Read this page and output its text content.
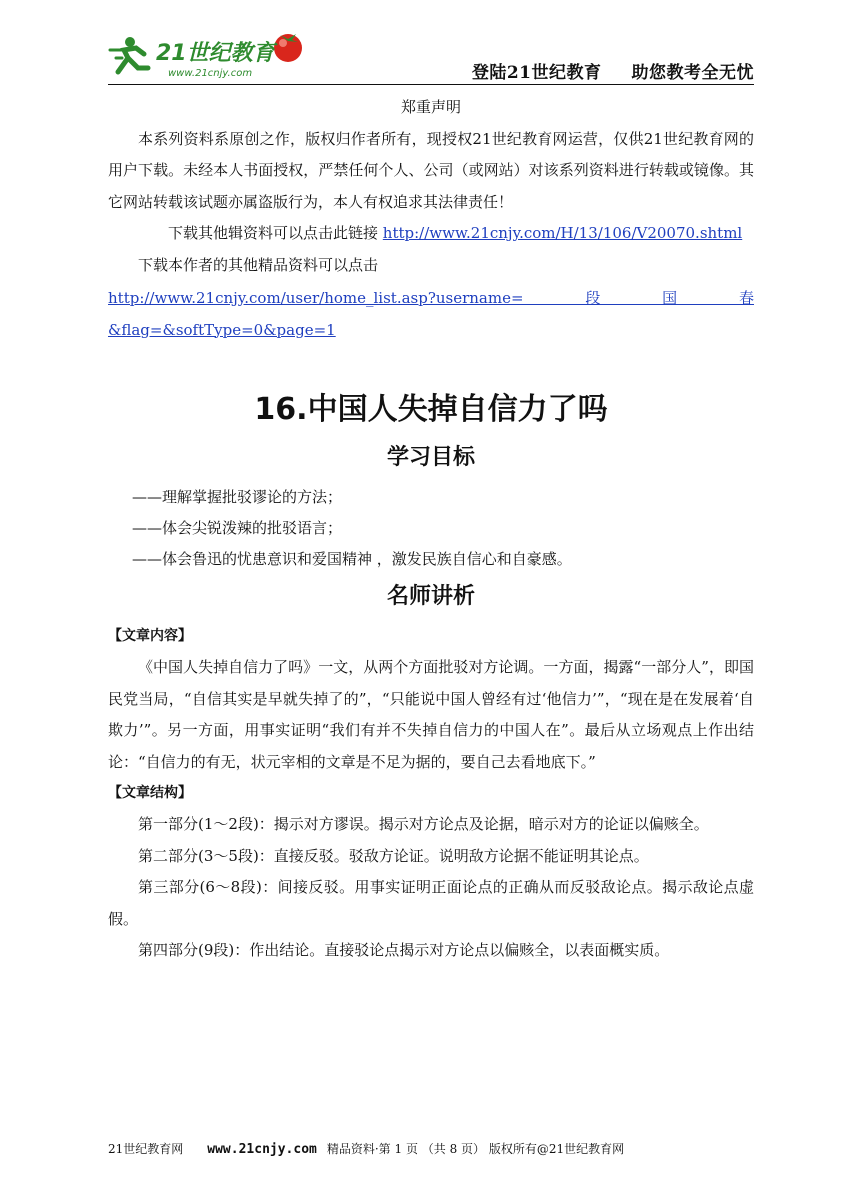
21世纪教育
www.21cnjy.com	登陆21世纪教育 助您教考全无忧

郑重声明

本系列资料系原创之作，版权归作者所有，现授权21世纪教育网运营，仅供21世纪教育网的用户下载。未经本人书面授权，严禁任何个人、公司（或网站）对该系列资料进行转载或镜像。其它网站转载该试题亦属盗版行为，本人有权追求其法律责任！

下载其他辑资料可以点击此链接 http://www.21cnjy.com/H/13/106/V20070.shtml

下载本作者的其他精品资料可以点击

http://www.21cnjy.com/user/home_list.asp?username=段国春&flag=&softType=0&page=1

16.中国人失掉自信力了吗
学习目标

——理解掌握批驳谬论的方法；

——体会尖锐泼辣的批驳语言；

——体会鲁迅的忧患意识和爱国精神 ，激发民族自信心和自豪感。

名师讲析
【文章内容】

《中国人失掉自信力了吗》一文，从两个方面批驳对方论调。一方面，揭露“一部分人”，即国民党当局，“自信其实是早就失掉了的”，“只能说中国人曾经有过‘他信力’”，“现在是在发展着‘自欺力’”。另一方面，用事实证明“我们有并不失掉自信力的中国人在”。最后从立场观点上作出结论：“自信力的有无，状元宰相的文章是不足为据的，要自己去看地底下。”

【文章结构】

第一部分(1～2段)：揭示对方谬误。揭示对方论点及论据，暗示对方的论证以偏赅全。

第二部分(3～5段)：直接反驳。驳敌方论证。说明敌方论据不能证明其论点。

第三部分(6～8段)：间接反驳。用事实证明正面论点的正确从而反驳敌论点。揭示敌论点虚假。

第四部分(9段)：作出结论。直接驳论点揭示对方论点以偏赅全，以表面概实质。

21世纪教育网 www.21cnjy.com 精品资料·第 1 页 （共 8 页） 版权所有@21世纪教育网
